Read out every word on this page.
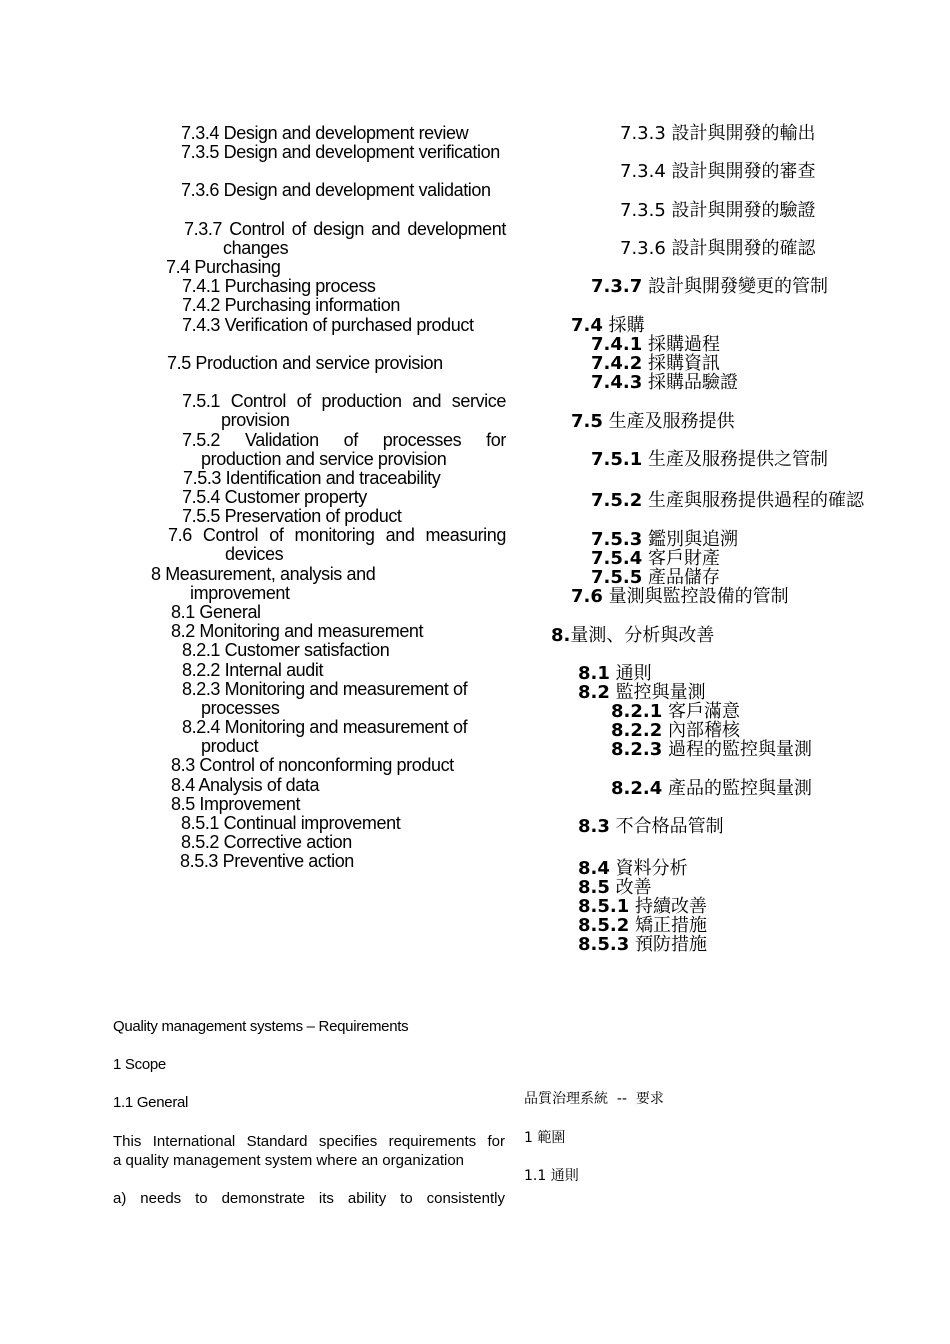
7.3.4 Design and development review
7.3.5 Design and development verification
7.3.6 Design and development validation
7.3.7 Control of design and development changes
7.4 Purchasing
7.4.1 Purchasing process
7.4.2 Purchasing information
7.4.3 Verification of purchased product
7.5 Production and service provision
7.5.1 Control of production and service provision
7.5.2 Validation of processes for production and service provision
7.5.3 Identification and traceability
7.5.4 Customer property
7.5.5 Preservation of product
7.6 Control of monitoring and measuring devices
8 Measurement, analysis and improvement
8.1 General
8.2 Monitoring and measurement
8.2.1 Customer satisfaction
8.2.2 Internal audit
8.2.3 Monitoring and measurement of processes
8.2.4 Monitoring and measurement of product
8.3 Control of nonconforming product
8.4 Analysis of data
8.5 Improvement
8.5.1 Continual improvement
8.5.2 Corrective action
8.5.3 Preventive action
7.3.3 設計與開發的輸出
7.3.4 設計與開發的審查
7.3.5 設計與開發的驗證
7.3.6 設計與開發的確認
7.3.7 設計與開發變更的管制
7.4 採購
7.4.1 採購過程
7.4.2 採購資訊
7.4.3 採購品驗證
7.5 生產及服務提供
7.5.1 生產及服務提供之管制
7.5.2 生產與服務提供過程的確認
7.5.3 鑑別與追溯
7.5.4 客戶財產
7.5.5 產品儲存
7.6 量測與監控設備的管制
8.量測、分析與改善
8.1 通則
8.2 監控與量測
8.2.1 客戶滿意
8.2.2 內部稽核
8.2.3 過程的監控與量測
8.2.4 產品的監控與量測
8.3 不合格品管制
8.4 資料分析
8.5 改善
8.5.1 持續改善
8.5.2 矯正措施
8.5.3 預防措施
Quality management systems – Requirements
1 Scope
1.1 General
This International Standard specifies requirements for
a quality management system where an organization
a) needs to demonstrate its ability to consistently
品質治理系統  --  要求
1 範圍
1.1 通則
